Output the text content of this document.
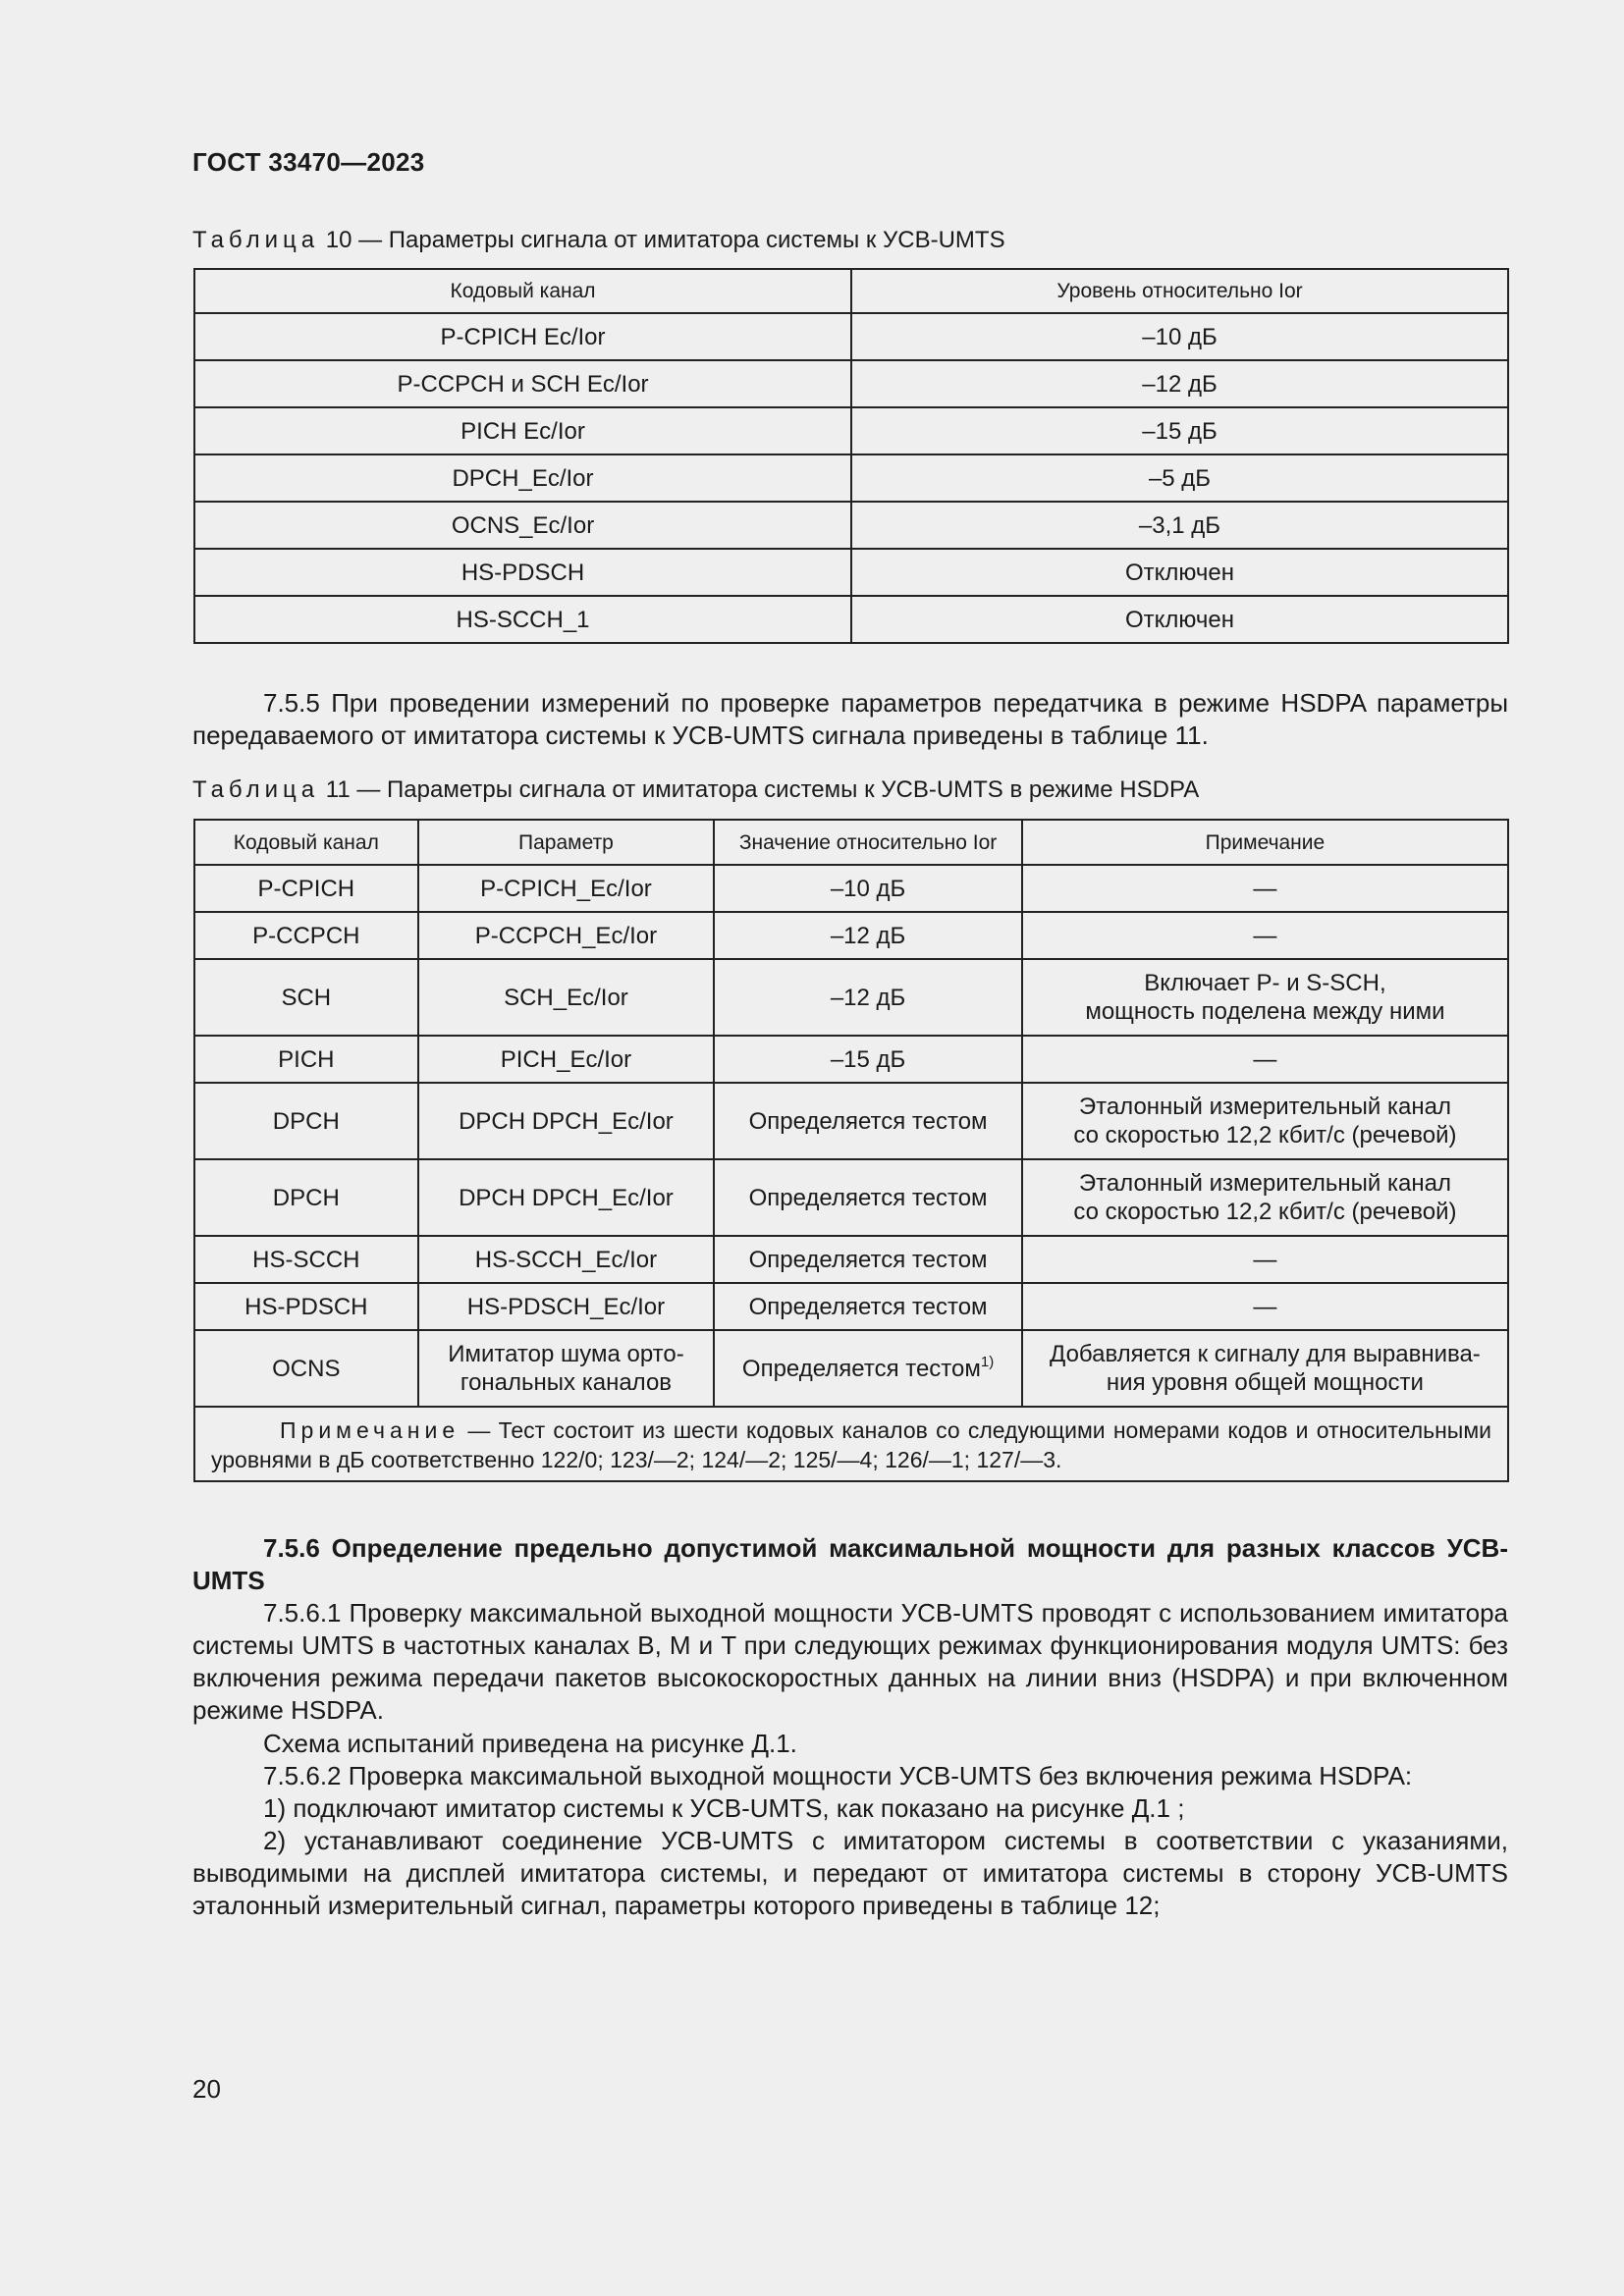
ГОСТ 33470—2023
Таблица 10 — Параметры сигнала от имитатора системы к УСВ-UMTS
Кодовый канал	Уровень относительно Ior
P-CPICH Ec/Ior	–10 дБ
P-CCPCH и SCH Ec/Ior	–12 дБ
PICH Ec/Ior	–15 дБ
DPCH_Ec/Ior	–5 дБ
OCNS_Ec/Ior	–3,1 дБ
HS-PDSCH	Отключен
HS-SCCH_1	Отключен

7.5.5 При проведении измерений по проверке параметров передатчика в режиме HSDPA параметры передаваемого от имитатора системы к УСВ-UMTS сигнала приведены в таблице 11.

Таблица 11 — Параметры сигнала от имитатора системы к УСВ-UMTS в режиме HSDPA
Кодовый канал	Параметр	Значение относительно Ior	Примечание
P-CPICH	P-CPICH_Ec/Ior	–10 дБ	—
P-CCPCH	P-CCPCH_Ec/Ior	–12 дБ	—
SCH	SCH_Ec/Ior	–12 дБ	Включает P- и S-SCH,
мощность поделена между ними
PICH	PICH_Ec/Ior	–15 дБ	—
DPCH	DPCH DPCH_Ec/Ior	Определяется тестом	Эталонный измерительный канал
со скоростью 12,2 кбит/с (речевой)
DPCH	DPCH DPCH_Ec/Ior	Определяется тестом	Эталонный измерительный канал
со скоростью 12,2 кбит/с (речевой)
HS-SCCH	HS-SCCH_Ec/Ior	Определяется тестом	—
HS-PDSCH	HS-PDSCH_Ec/Ior	Определяется тестом	—
OCNS	Имитатор шума орто-
гональных каналов	Определяется тестом$^{1)}$	Добавляется к сигналу для выравнива-
ния уровня общей мощности
Примечание — Тест состоит из шести кодовых каналов со следующими номерами кодов и относительными уровнями в дБ соответственно 122/0; 123/—2; 124/—2; 125/—4; 126/—1; 127/—3.			

7.5.6 Определение предельно допустимой максимальной мощности для разных классов УСВ-UMTS

7.5.6.1 Проверку максимальной выходной мощности УСВ-UMTS проводят с использованием имитатора системы UMTS в частотных каналах B, M и T при следующих режимах функционирования модуля UMTS: без включения режима передачи пакетов высокоскоростных данных на линии вниз (HSDPA) и при включенном режиме HSDPA.

Схема испытаний приведена на рисунке Д.1.

7.5.6.2 Проверка максимальной выходной мощности УСВ-UMTS без включения режима HSDPA:

1) подключают имитатор системы к УСВ-UMTS, как показано на рисунке Д.1 ;

2) устанавливают соединение УСВ-UMTS с имитатором системы в соответствии с указаниями, выводимыми на дисплей имитатора системы, и передают от имитатора системы в сторону УСВ-UMTS эталонный измерительный сигнал, параметры которого приведены в таблице 12;

20
